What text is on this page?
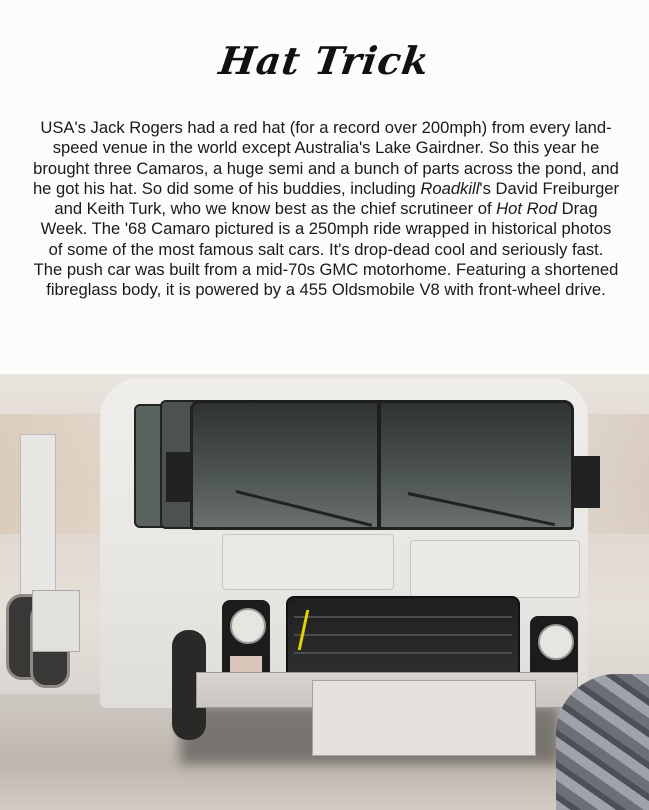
Hat Trick
USA's Jack Rogers had a red hat (for a record over 200mph) from every land-
speed venue in the world except Australia's Lake Gairdner. So this year he
brought three Camaros, a huge semi and a bunch of parts across the pond, and
he got his hat. So did some of his buddies, including Roadkill's David Freiburger
and Keith Turk, who we know best as the chief scrutineer of Hot Rod Drag
Week. The '68 Camaro pictured is a 250mph ride wrapped in historical photos
of some of the most famous salt cars. It's drop-dead cool and seriously fast.
The push car was built from a mid-70s GMC motorhome. Featuring a shortened
fibreglass body, it is powered by a 455 Oldsmobile V8 with front-wheel drive.
